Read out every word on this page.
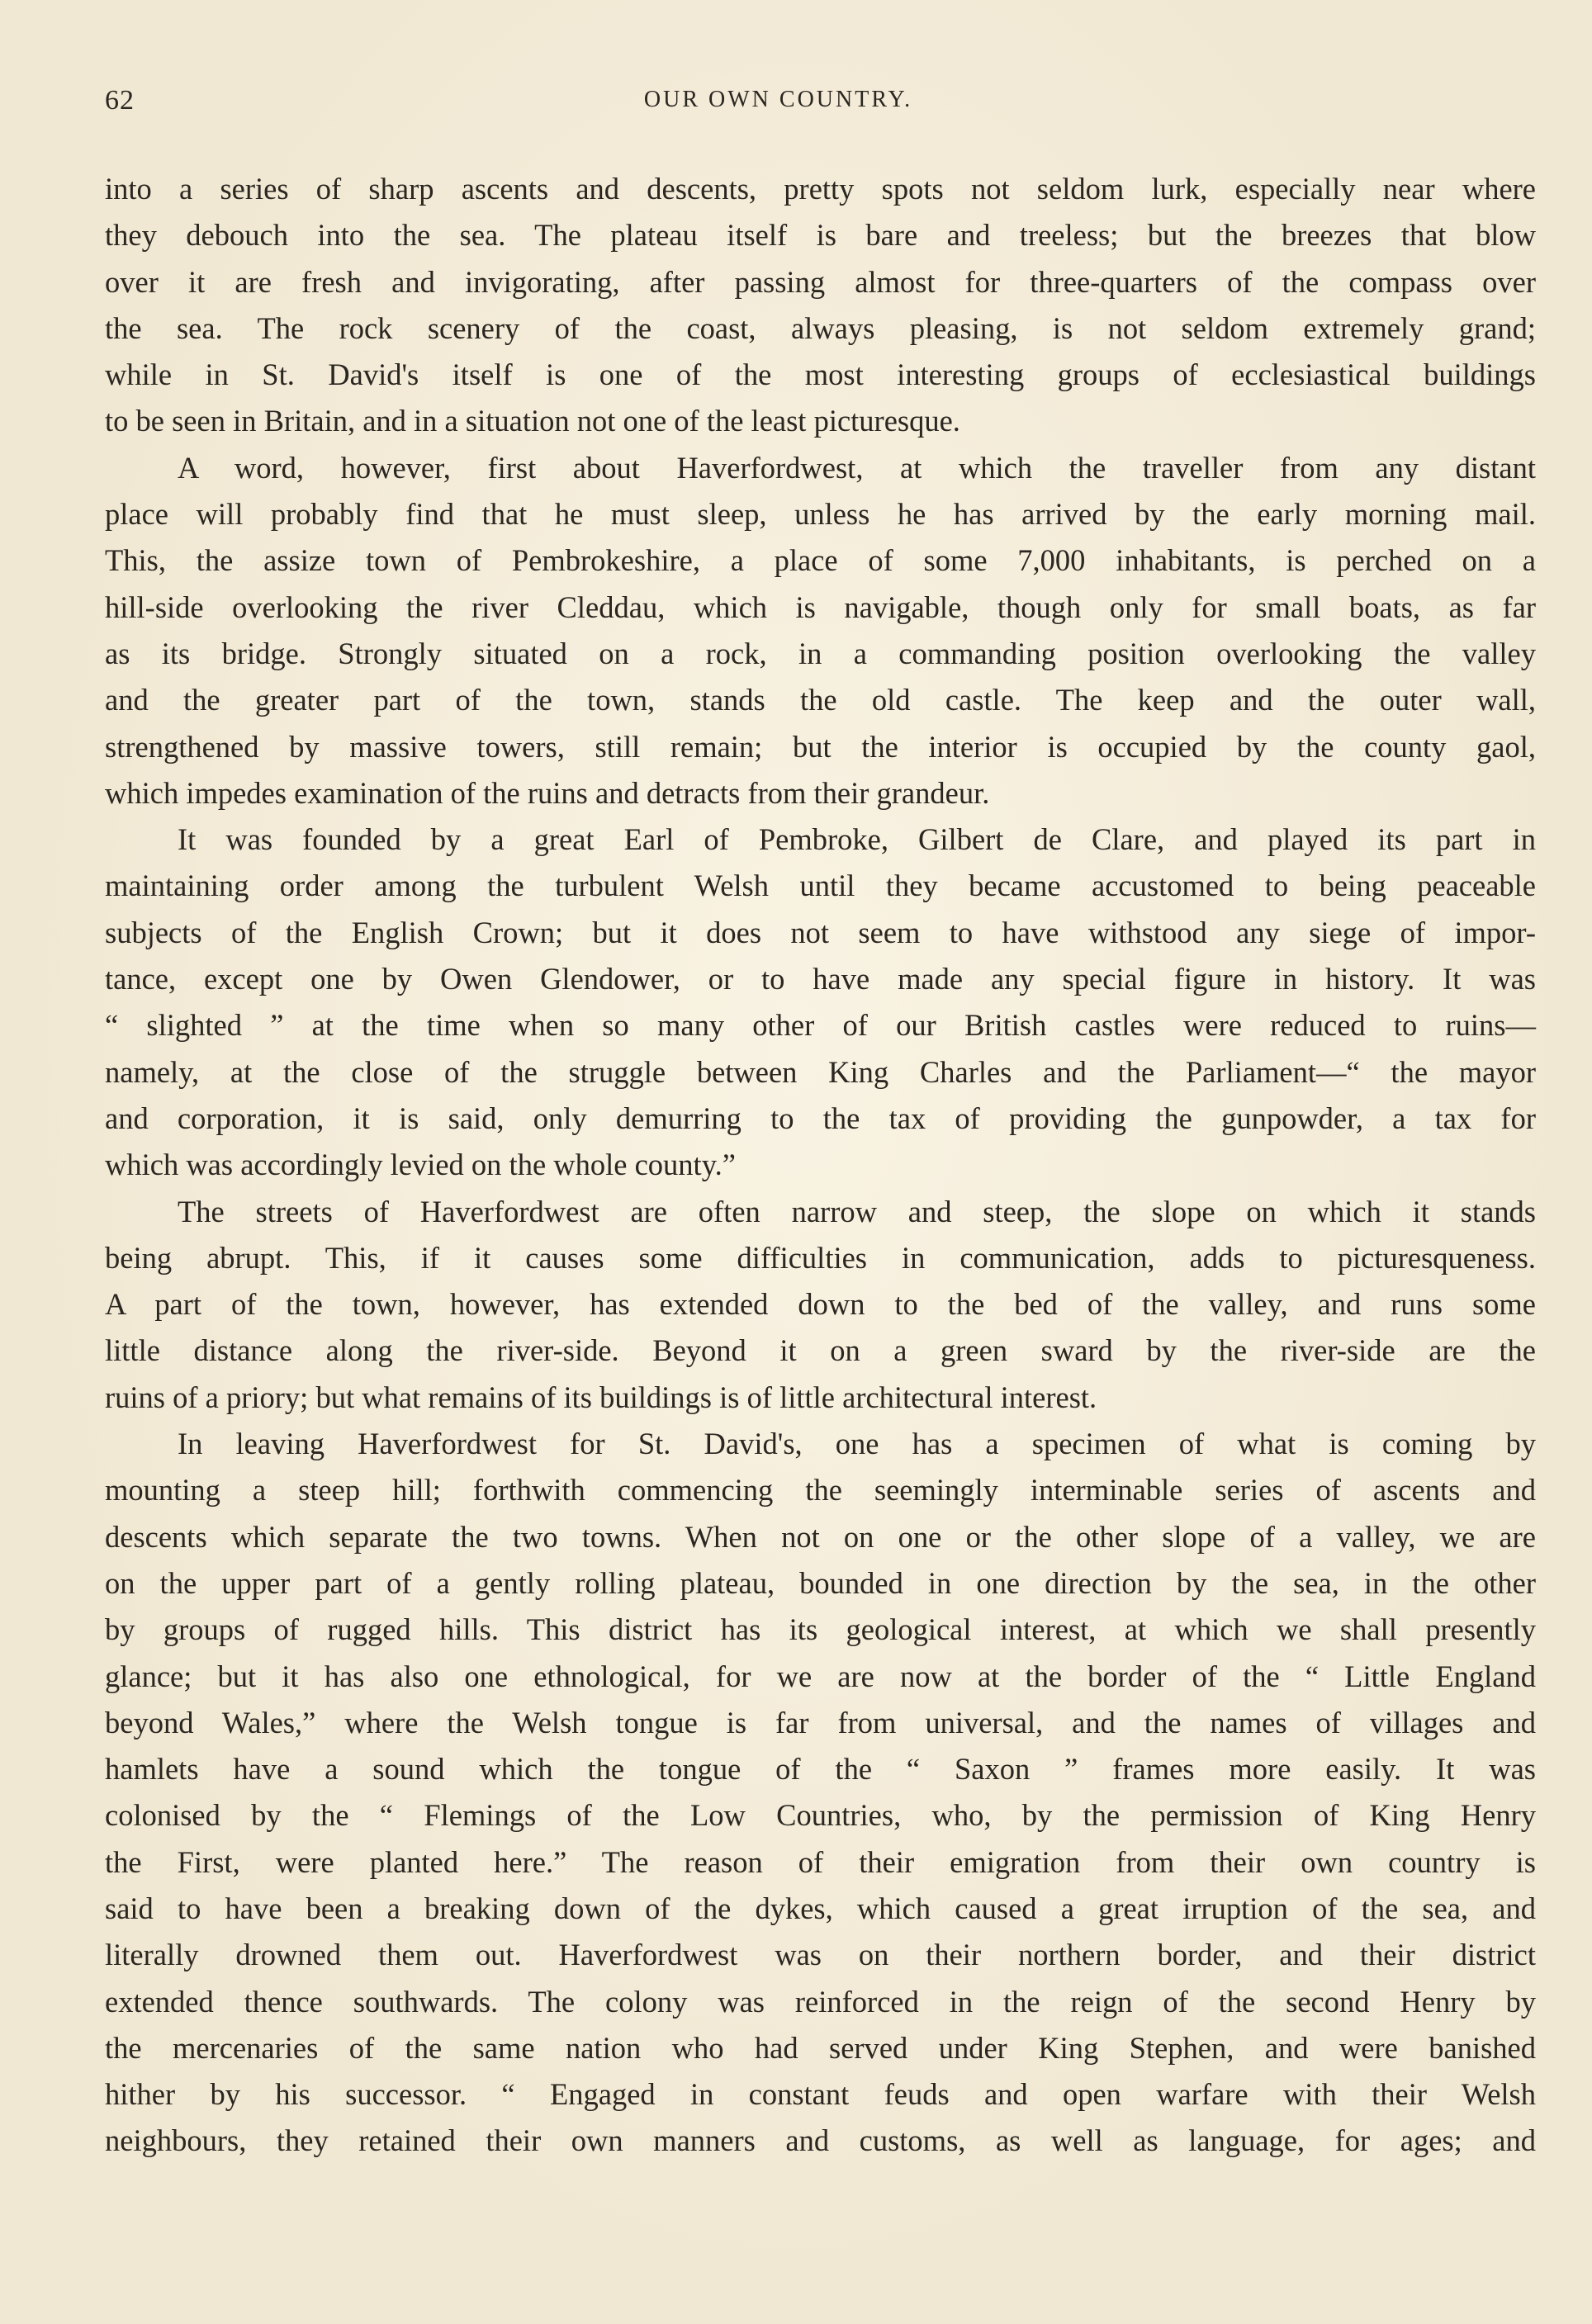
62	OUR OWN COUNTRY.
into a series of sharp ascents and descents, pretty spots not seldom lurk, especially near where
they debouch into the sea. The plateau itself is bare and treeless; but the breezes that blow
over it are fresh and invigorating, after passing almost for three-quarters of the compass over
the sea. The rock scenery of the coast, always pleasing, is not seldom extremely grand;
while in St. David's itself is one of the most interesting groups of ecclesiastical buildings
to be seen in Britain, and in a situation not one of the least picturesque.
A word, however, first about Haverfordwest, at which the traveller from any distant
place will probably find that he must sleep, unless he has arrived by the early morning mail.
This, the assize town of Pembrokeshire, a place of some 7,000 inhabitants, is perched on a
hill-side overlooking the river Cleddau, which is navigable, though only for small boats, as far
as its bridge. Strongly situated on a rock, in a commanding position overlooking the valley
and the greater part of the town, stands the old castle. The keep and the outer wall,
strengthened by massive towers, still remain; but the interior is occupied by the county gaol,
which impedes examination of the ruins and detracts from their grandeur.
It was founded by a great Earl of Pembroke, Gilbert de Clare, and played its part in
maintaining order among the turbulent Welsh until they became accustomed to being peaceable
subjects of the English Crown; but it does not seem to have withstood any siege of impor-
tance, except one by Owen Glendower, or to have made any special figure in history. It was
“ slighted ” at the time when so many other of our British castles were reduced to ruins—
namely, at the close of the struggle between King Charles and the Parliament—“ the mayor
and corporation, it is said, only demurring to the tax of providing the gunpowder, a tax for
which was accordingly levied on the whole county.”
The streets of Haverfordwest are often narrow and steep, the slope on which it stands
being abrupt. This, if it causes some difficulties in communication, adds to picturesqueness.
A part of the town, however, has extended down to the bed of the valley, and runs some
little distance along the river-side. Beyond it on a green sward by the river-side are the
ruins of a priory; but what remains of its buildings is of little architectural interest.
In leaving Haverfordwest for St. David's, one has a specimen of what is coming by
mounting a steep hill; forthwith commencing the seemingly interminable series of ascents and
descents which separate the two towns. When not on one or the other slope of a valley, we are
on the upper part of a gently rolling plateau, bounded in one direction by the sea, in the other
by groups of rugged hills. This district has its geological interest, at which we shall presently
glance; but it has also one ethnological, for we are now at the border of the “ Little England
beyond Wales,” where the Welsh tongue is far from universal, and the names of villages and
hamlets have a sound which the tongue of the “ Saxon ” frames more easily. It was
colonised by the “ Flemings of the Low Countries, who, by the permission of King Henry
the First, were planted here.” The reason of their emigration from their own country is
said to have been a breaking down of the dykes, which caused a great irruption of the sea, and
literally drowned them out. Haverfordwest was on their northern border, and their district
extended thence southwards. The colony was reinforced in the reign of the second Henry by
the mercenaries of the same nation who had served under King Stephen, and were banished
hither by his successor. “ Engaged in constant feuds and open warfare with their Welsh
neighbours, they retained their own manners and customs, as well as language, for ages; and
